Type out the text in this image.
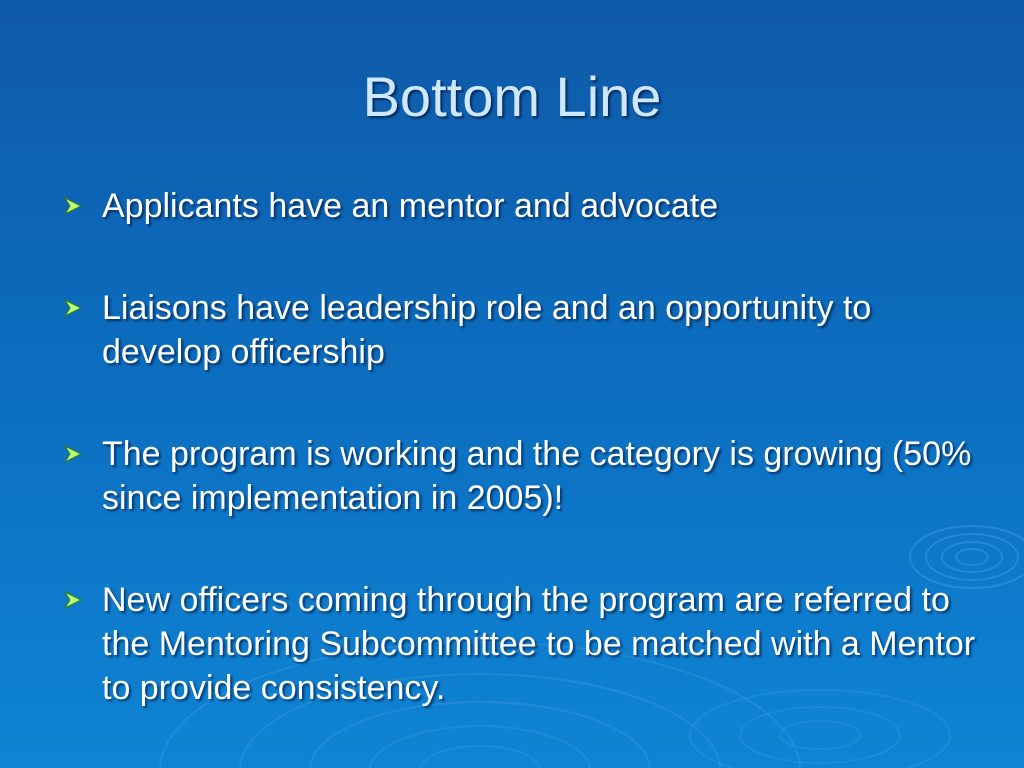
Bottom Line
Applicants have an mentor and advocate
Liaisons have leadership role and an opportunity to develop officership
The program is working and the category is growing (50% since implementation in 2005)!
New officers coming through the program are referred to the Mentoring Subcommittee to be matched with a Mentor to provide consistency.
